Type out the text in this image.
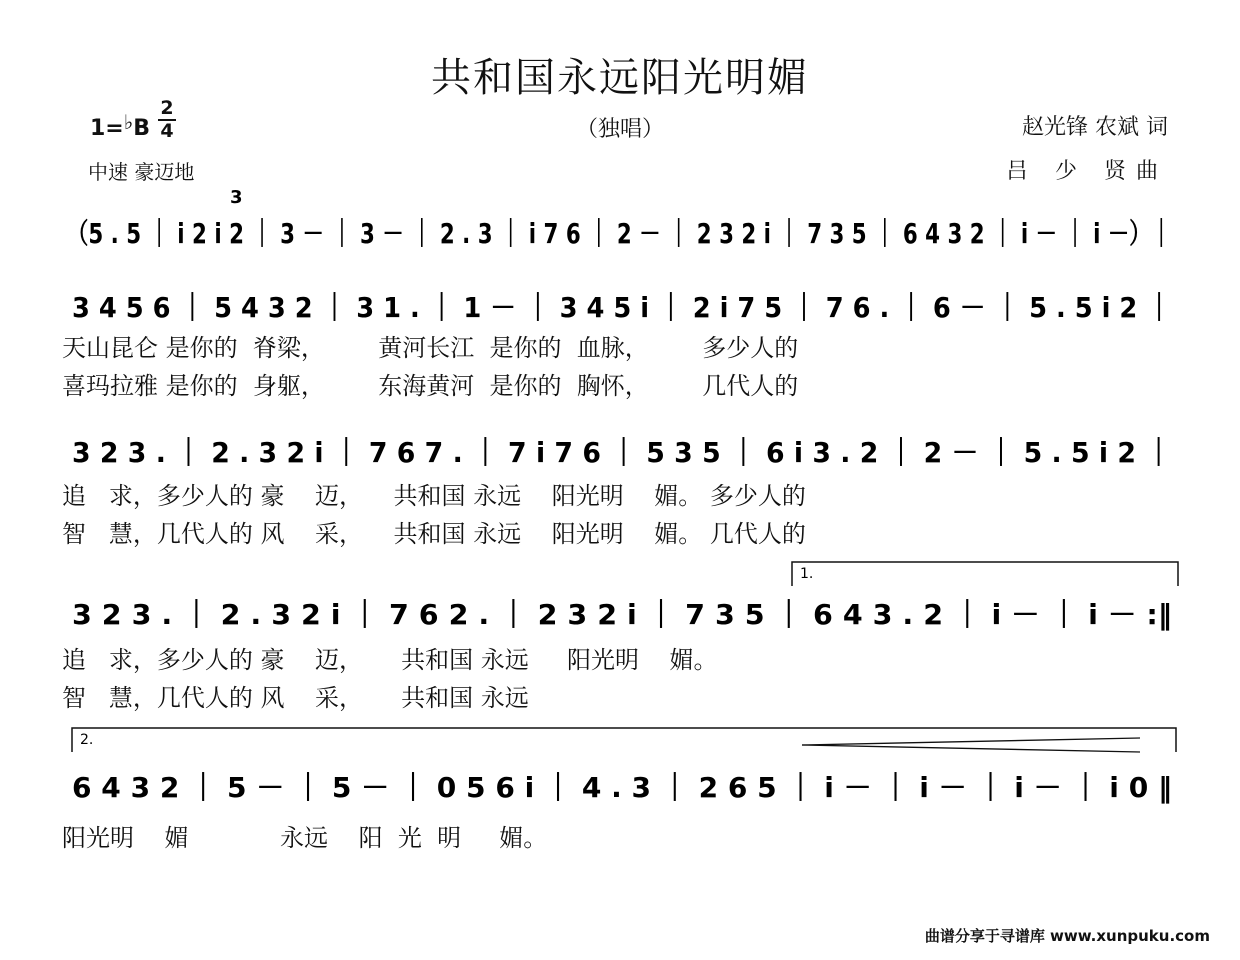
共和国永远阳光明媚
1=♭B
2
4	（独唱）
中速 豪迈地
赵光锋 农斌 词
吕 少 贤曲
（5 . 5 ｜ i 2 i 2 ｜ 3 － ｜ 3 － ｜ 2 . 3 ｜ i 7 6 ｜ 2 － ｜ 2 3 2 i ｜ 7 3 5 ｜ 6 4 3 2 ｜ i － ｜ i －）｜
3
3 4 5 6 ｜ 5 4 3 2 ｜ 3 1 . ｜ 1 － ｜ 3 4 5 i ｜ 2 i 7 5 ｜ 7 6 . ｜ 6 － ｜ 5 . 5 i 2 ｜
天山昆仑 是你的  脊梁，       黄河长江  是你的  血脉，       多少人的
喜玛拉雅 是你的  身躯，       东海黄河  是你的  胸怀，       几代人的
3 2 3 . ｜ 2 . 3 2 i ｜ 7 6 7 . ｜ 7 i 7 6 ｜ 5 3 5 ｜ 6 i 3 . 2 ｜ 2 － ｜ 5 . 5 i 2 ｜
追   求，多少人的 豪    迈，    共和国 永远    阳光明    媚。 多少人的
智   慧，几代人的 风    采，    共和国 永远    阳光明    媚。 几代人的
3 2 3 . ｜ 2 . 3 2 i ｜ 7 6 2 . ｜ 2 3 2 i ｜ 7 3 5 ｜ 6 4 3 . 2 ｜ i － ｜ i － :‖
1.
追   求，多少人的 豪    迈，     共和国 永远     阳光明    媚。
智   慧，几代人的 风    采，     共和国 永远
2.
6 4 3 2 ｜ 5 － ｜ 5 － ｜ 0 5 6 i ｜ 4 . 3 ｜ 2 6 5 ｜ i － ｜ i － ｜ i － ｜ i 0 ‖
阳光明    媚            永远    阳  光  明     媚。
曲谱分享于寻谱库 www.xunpuku.com
